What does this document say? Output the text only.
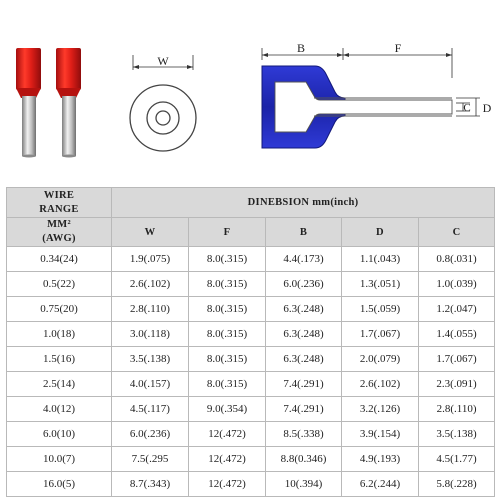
W
B	F
C D
WIRE
RANGE	DINEBSION mm(inch)				

MM²
(AWG)	W	F	B	D	C
0.34(24)	1.9(.075)	8.0(.315)	4.4(.173)	1.1(.043)	0.8(.031)
0.5(22)	2.6(.102)	8.0(.315)	6.0(.236)	1.3(.051)	1.0(.039)
0.75(20)	2.8(.110)	8.0(.315)	6.3(.248)	1.5(.059)	1.2(.047)
1.0(18)	3.0(.118)	8.0(.315)	6.3(.248)	1.7(.067)	1.4(.055)
1.5(16)	3.5(.138)	8.0(.315)	6.3(.248)	2.0(.079)	1.7(.067)
2.5(14)	4.0(.157)	8.0(.315)	7.4(.291)	2.6(.102)	2.3(.091)
4.0(12)	4.5(.117)	9.0(.354)	7.4(.291)	3.2(.126)	2.8(.110)
6.0(10)	6.0(.236)	12(.472)	8.5(.338)	3.9(.154)	3.5(.138)
10.0(7)	7.5(.295	12(.472)	8.8(0.346)	4.9(.193)	4.5(1.77)
16.0(5)	8.7(.343)	12(.472)	10(.394)	6.2(.244)	5.8(.228)
